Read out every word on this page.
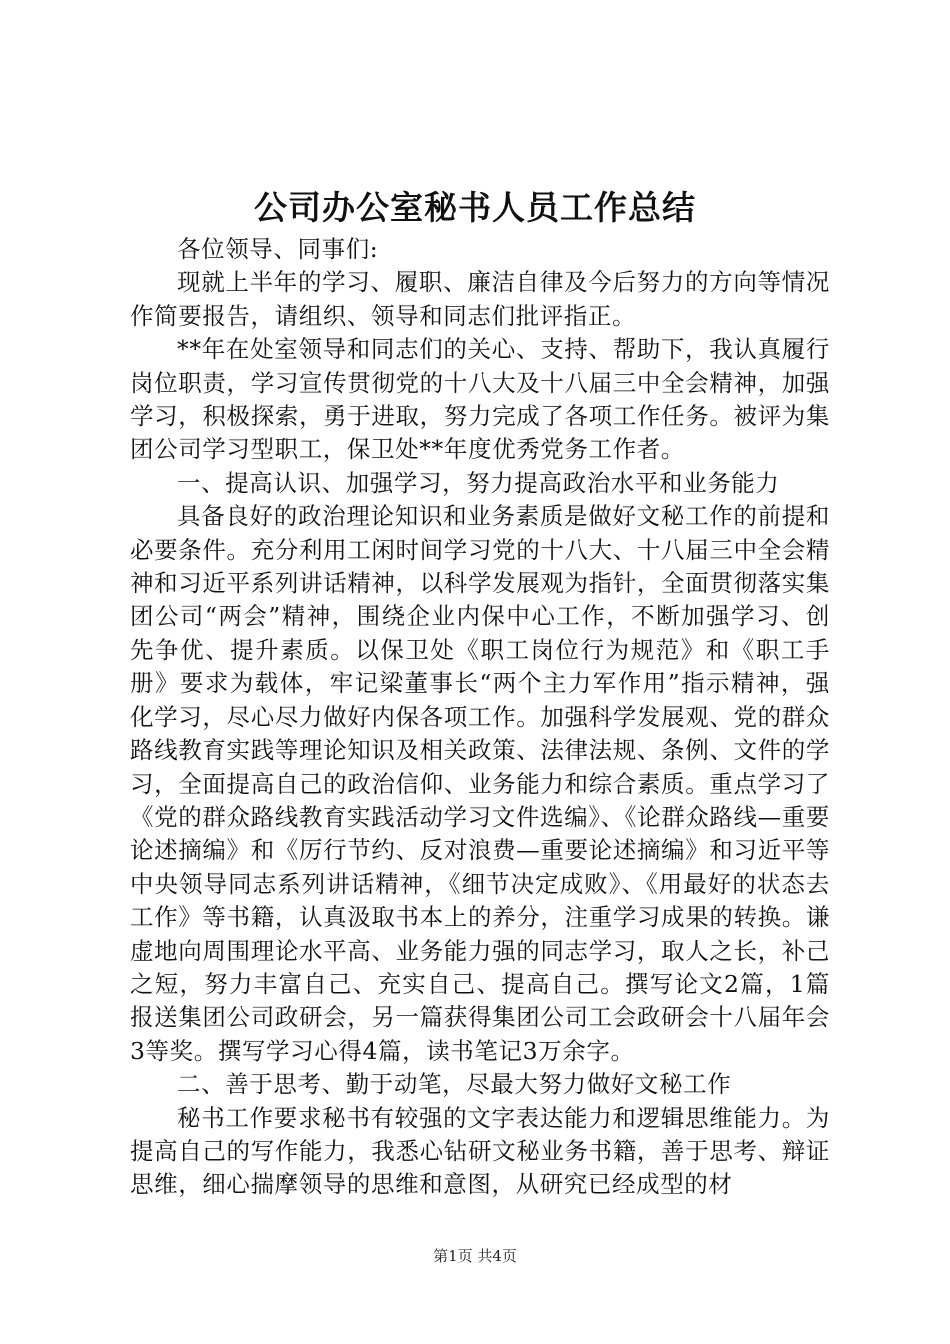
公司办公室秘书人员工作总结

各位领导、同事们:

现就上半年的学习、履职、廉洁自律及今后努力的方向等情况作简要报告，请组织、领导和同志们批评指正。

**年在处室领导和同志们的关心、支持、帮助下，我认真履行岗位职责，学习宣传贯彻党的十八大及十八届三中全会精神，加强学习，积极探索，勇于进取，努力完成了各项工作任务。被评为集团公司学习型职工，保卫处**年度优秀党务工作者。

一、提高认识、加强学习，努力提高政治水平和业务能力

具备良好的政治理论知识和业务素质是做好文秘工作的前提和必要条件。充分利用工闲时间学习党的十八大、十八届三中全会精神和习近平系列讲话精神，以科学发展观为指针，全面贯彻落实集团公司“两会”精神，围绕企业内保中心工作，不断加强学习、创先争优、提升素质。以保卫处《职工岗位行为规范》和《职工手册》要求为载体，牢记梁董事长“两个主力军作用”指示精神，强化学习，尽心尽力做好内保各项工作。加强科学发展观、党的群众路线教育实践等理论知识及相关政策、法律法规、条例、文件的学习，全面提高自己的政治信仰、业务能力和综合素质。重点学习了《党的群众路线教育实践活动学习文件选编》、《论群众路线—重要论述摘编》和《厉行节约、反对浪费—重要论述摘编》和习近平等中央领导同志系列讲话精神，《细节决定成败》、《用最好的状态去工作》等书籍，认真汲取书本上的养分，注重学习成果的转换。谦虚地向周围理论水平高、业务能力强的同志学习，取人之长，补己之短，努力丰富自己、充实自己、提高自己。撰写论文2篇，1篇报送集团公司政研会，另一篇获得集团公司工会政研会十八届年会3等奖。撰写学习心得4篇，读书笔记3万余字。

二、善于思考、勤于动笔，尽最大努力做好文秘工作

秘书工作要求秘书有较强的文字表达能力和逻辑思维能力。为提高自己的写作能力，我悉心钻研文秘业务书籍，善于思考、辩证思维，细心揣摩领导的思维和意图，从研究已经成型的材

第1页 共4页
